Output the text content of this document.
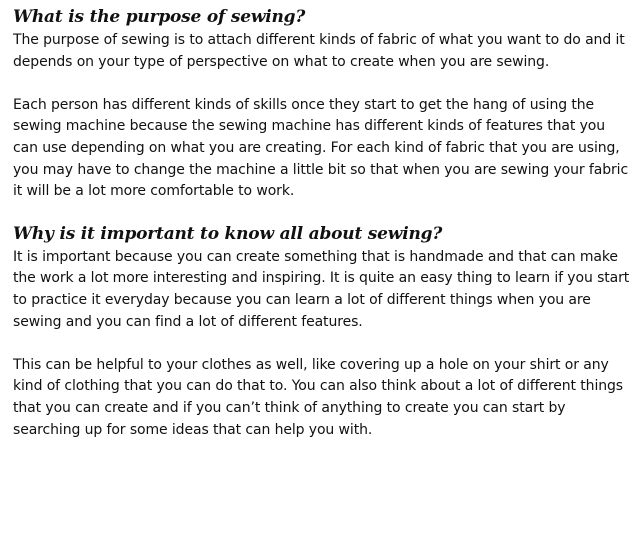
What is the purpose of sewing?

The purpose of sewing is to attach different kinds of fabric of what you want to do and it depends on your type of perspective on what to create when you are sewing.

Each person has different kinds of skills once they start to get the hang of using the sewing machine because the sewing machine has different kinds of features that you can use depending on what you are creating. For each kind of fabric that you are using, you may have to change the machine a little bit so that when you are sewing your fabric it will be a lot more comfortable to work.

Why is it important to know all about sewing?

It is important because you can create something that is handmade and that can make the work a lot more interesting and inspiring. It is quite an easy thing to learn if you start to practice it everyday because you can learn a lot of different things when you are sewing and you can find a lot of different features.

This can be helpful to your clothes as well, like covering up a hole on your shirt or any kind of clothing that you can do that to. You can also think about a lot of different things that you can create and if you can’t think of anything to create you can start by searching up for some ideas that can help you with.
